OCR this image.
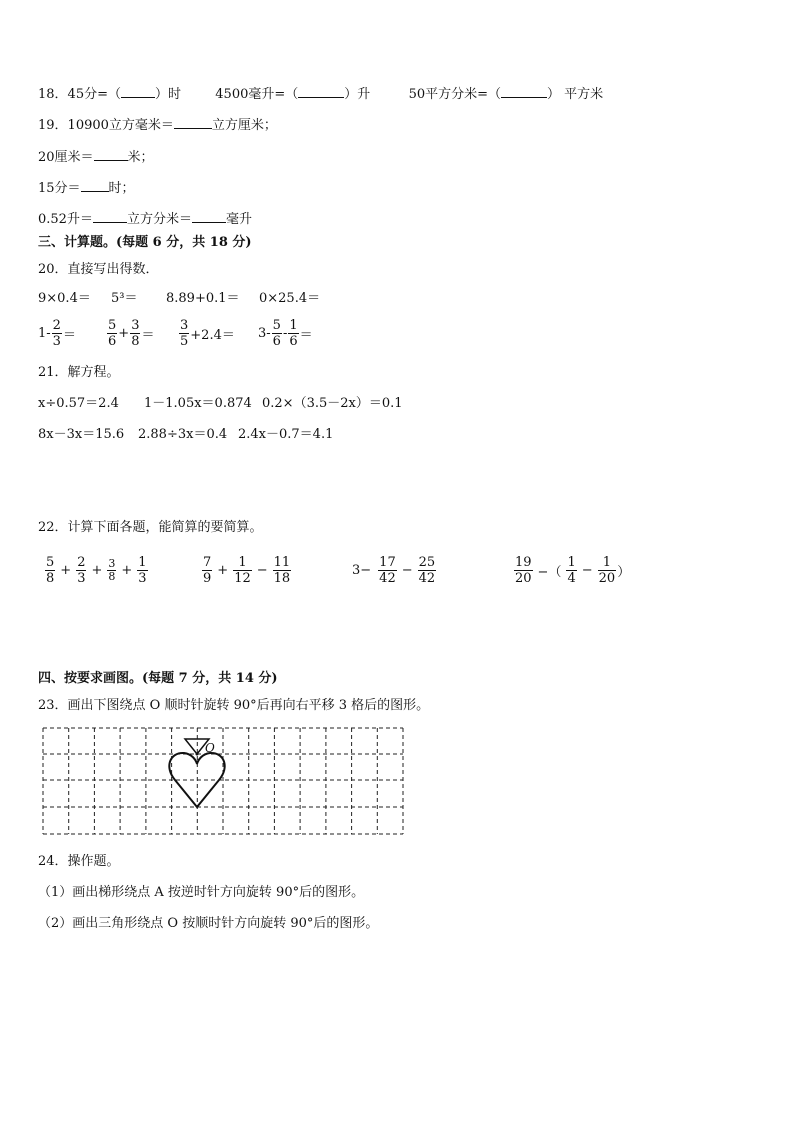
18．45分=（	）时	4500毫升=（	）升	50平方分米=（	） 平方米
19．10900立方毫米＝	立方厘米；
20厘米＝	米；
15分＝ 时；
0.52升＝	立方分米＝	毫升
三、计算题。(每题 6 分，共 18 分)
20．直接写出得数．
9×0.4＝ 5³＝ 8.89+0.1＝ 0×25.4＝
$1- \frac{2}{3} = \frac{5}{6} + \frac{3}{8} = \frac{3}{5} +2.4= 3- \frac{5}{6} - \frac{1}{6}$ ＝
21．解方程。
x÷0.57＝2.4 1－1.05x＝0.874 0.2×（3.5－2x）＝0.1
8x－3x＝15.6 2.88÷3x＝0.4 2.4x－0.7＝4.1
22．计算下面各题，能简算的要简算。
$\frac{5}{8} + \frac{2}{3} + \frac{3}{8} + \frac{1}{3}$	$\frac{7}{9} + \frac{1}{12} - \frac{11}{18}$	$3- \frac{17}{42} - \frac{25}{42}$	$\frac{19}{20}$ −（ $\frac{1}{4} - \frac{1}{20}$ ）
四、按要求画图。(每题 7 分，共 14 分)
23．画出下图绕点 O 顺时针旋转 90°后再向右平移 3 格后的图形。
O
24．操作题。
（1）画出梯形绕点 A 按逆时针方向旋转 90°后的图形。
（2）画出三角形绕点 O 按顺时针方向旋转 90°后的图形。
